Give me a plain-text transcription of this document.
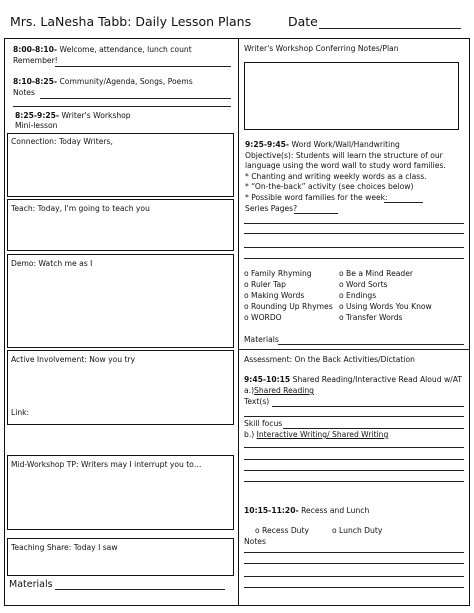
Mrs. LaNesha Tabb: Daily Lesson Plans	Date
8:00-8:10- Welcome, attendance, lunch count
Remember!
8:10-8:25- Community/Agenda, Songs, Poems
Notes
8:25-9:25- Writer's Workshop
Mini-lesson
Connection: Today Writers,
Teach: Today, I'm going to teach you
Demo: Watch me as I
Active Involvement: Now you try
Link:
Mid-Workshop TP: Writers may I interrupt you to…
Teaching Share: Today I saw
Materials
Writer's Workshop Conferring Notes/Plan
9:25-9:45- Word Work/Wall/Handwriting
Objective(s): Students will learn the structure of our
language using the word wall to study word families.
* Chanting and writing weekly words as a class.
* “On-the-back” activity (see choices below)
* Possible word families for the week:
Series Pages?
o Family Rhyming
o Ruler Tap
o Making Words
o Rounding Up Rhymes
o WORDO
o Be a Mind Reader
o Word Sorts
o Endings
o Using Words You Know
o Transfer Words
Materials
Assessment: On the Back Activities/Dictation
9:45-10:15 Shared Reading/Interactive Read Aloud w/AT
a.)Shared Reading
Text(s)
Skill focus
b.) Interactive Writing/ Shared Writing
10:15-11:20- Recess and Lunch
o Recess Duty	o Lunch Duty
Notes
